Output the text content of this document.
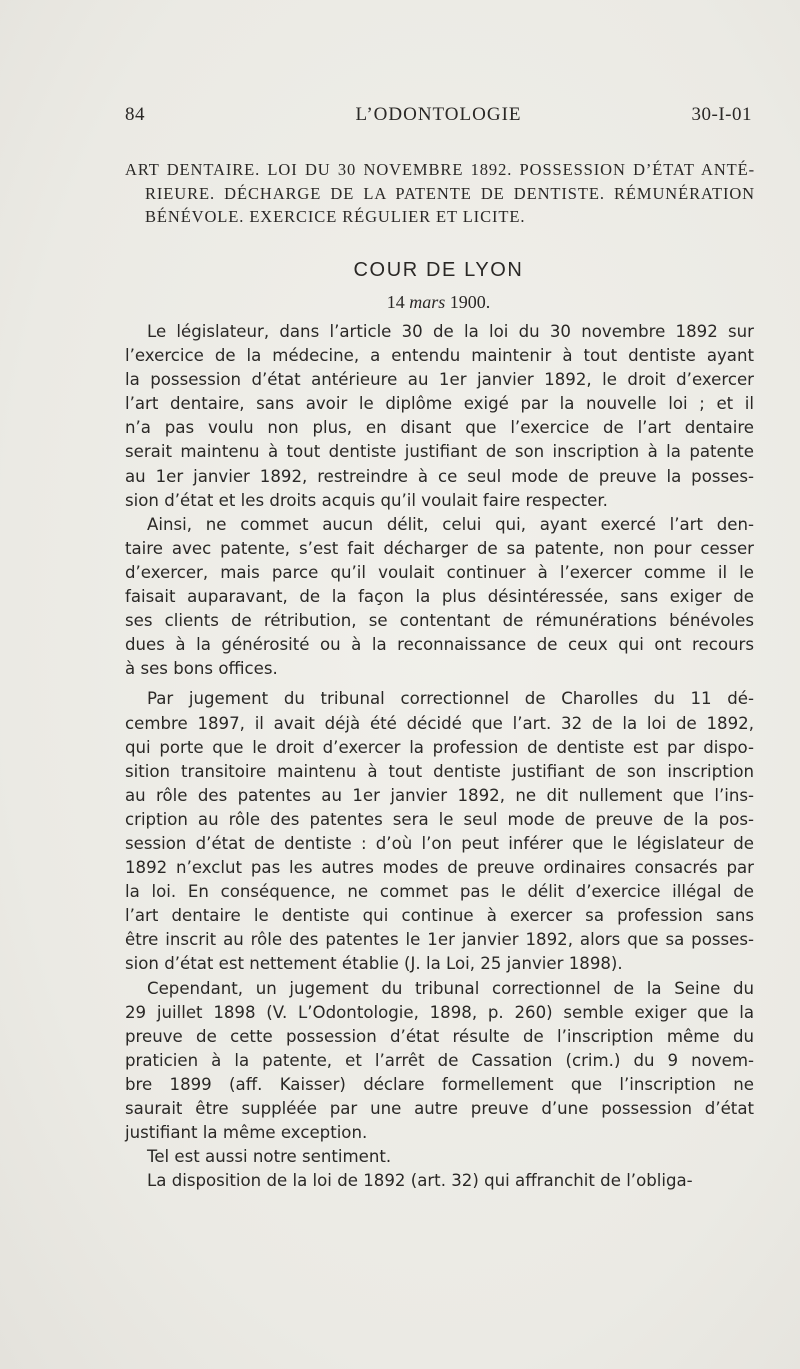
84	L’ODONTOLOGIE	30-I-01
ART DENTAIRE. LOI DU 30 NOVEMBRE 1892. POSSESSION D’ÉTAT ANTÉ-
RIEURE. DÉCHARGE DE LA PATENTE DE DENTISTE. RÉMUNÉRATION
BÉNÉVOLE. EXERCICE RÉGULIER ET LICITE.
COUR DE LYON
14 mars 1900.
Le législateur, dans l’article 30 de la loi du 30 novembre 1892 sur
l’exercice de la médecine, a entendu maintenir à tout dentiste ayant
la possession d’état antérieure au 1er janvier 1892, le droit d’exercer
l’art dentaire, sans avoir le diplôme exigé par la nouvelle loi ; et il
n’a pas voulu non plus, en disant que l’exercice de l’art dentaire
serait maintenu à tout dentiste justifiant de son inscription à la patente
au 1er janvier 1892, restreindre à ce seul mode de preuve la posses-
sion d’état et les droits acquis qu’il voulait faire respecter.
Ainsi, ne commet aucun délit, celui qui, ayant exercé l’art den-
taire avec patente, s’est fait décharger de sa patente, non pour cesser
d’exercer, mais parce qu’il voulait continuer à l’exercer comme il le
faisait auparavant, de la façon la plus désintéressée, sans exiger de
ses clients de rétribution, se contentant de rémunérations bénévoles
dues à la générosité ou à la reconnaissance de ceux qui ont recours
à ses bons offices.
Par jugement du tribunal correctionnel de Charolles du 11 dé-
cembre 1897, il avait déjà été décidé que l’art. 32 de la loi de 1892,
qui porte que le droit d’exercer la profession de dentiste est par dispo-
sition transitoire maintenu à tout dentiste justifiant de son inscription
au rôle des patentes au 1er janvier 1892, ne dit nullement que l’ins-
cription au rôle des patentes sera le seul mode de preuve de la pos-
session d’état de dentiste : d’où l’on peut inférer que le législateur de
1892 n’exclut pas les autres modes de preuve ordinaires consacrés par
la loi. En conséquence, ne commet pas le délit d’exercice illégal de
l’art dentaire le dentiste qui continue à exercer sa profession sans
être inscrit au rôle des patentes le 1er janvier 1892, alors que sa posses-
sion d’état est nettement établie (J. la Loi, 25 janvier 1898).
Cependant, un jugement du tribunal correctionnel de la Seine du
29 juillet 1898 (V. L’Odontologie, 1898, p. 260) semble exiger que la
preuve de cette possession d’état résulte de l’inscription même du
praticien à la patente, et l’arrêt de Cassation (crim.) du 9 novem-
bre 1899 (aff. Kaisser) déclare formellement que l’inscription ne
saurait être suppléée par une autre preuve d’une possession d’état
justifiant la même exception.
Tel est aussi notre sentiment.
La disposition de la loi de 1892 (art. 32) qui affranchit de l’obliga-
